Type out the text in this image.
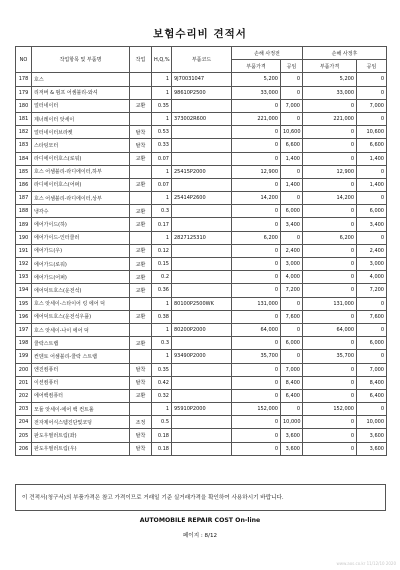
보험수리비 견적서
NO	작업항목 및 부품명	작업	H,Q,%	부품코드	손해 사정전		손해 사정후	
					부품가격	공임	부품가격	공임
178	호스		1	9J70031047	5,200	0	5,200	0
179	리저버 & 펌프 어셈블리-와셔		1	98610P2500	33,000	0	33,000	0
180	얼터네이터	교환	0.35		0	7,000	0	7,000
181	제너레이터 앗세이		1	373002R600	221,000	0	221,000	0
182	얼터네이터브라켓	탈착	0.53		0	10,600	0	10,600
183	스타팅모터	탈착	0.33		0	6,600	0	6,600
184	라디에이터호스(로워)	교환	0.07		0	1,400	0	1,400
185	호스 어셈블리-라디에이터,하부		1	25415P2000	12,900	0	12,900	0
186	라디에이터호스(어퍼)	교환	0.07		0	1,400	0	1,400
187	호스 어셈블리-라디에이터,상부		1	25414P2600	14,200	0	14,200	0
188	냉각수	교환	0.3		0	6,000	0	6,000
189	에어가이드(하)	교환	0.17		0	3,400	0	3,400
190	에어가이드-인터쿨러		1	2827125310	6,200	0	6,200	0
191	에어가드(우)	교환	0.12		0	2,400	0	2,400
192	에어가드(로워)	교환	0.15		0	3,000	0	3,000
193	에어가드(어퍼)	교환	0.2		0	4,000	0	4,000
194	에어덕트호스(운전석)	교환	0.36		0	7,200	0	7,200
195	호스 앗세이-스타이어 링 에어 덕		1	80100P2500WK	131,000	0	131,000	0
196	에어덕트호스(운전석우플)	교환	0.38		0	7,600	0	7,600
197	호스 앗세이-나이 에어 덕		1	80200P2000	64,000	0	64,000	0
198	쿨락스트랩	교환	0.3		0	6,000	0	6,000
199	컨덴토 어셈블리-쿨락 스트랩		1	93490P2000	35,700	0	35,700	0
200	엔진컴퓨터	탈착	0.35		0	7,000	0	7,000
201	이션컴퓨터	탈착	0.42		0	8,400	0	8,400
202	에어백컴퓨터	교환	0.32		0	6,400	0	6,400
203	모듈 앗세이-에어 백 컨트롤		1	95910P2000	152,000	0	152,000	0
204	전자제어식스템진단및코딩	조정	0.5		0	10,000	0	10,000
205	판도우필러트림(좌)	탈착	0.18		0	3,600	0	3,600
206	판도우필러트림(우)	탈착	0.18		0	3,600	0	3,600
이 견적서(청구서)의 부품가격은 참고 가격이므로 거래일 기준 실거래가격을 확인하여 사용하시기 바랍니다.
AUTOMOBILE REPAIR COST On-line
페이지 : 8/12
www.aos.co.kr 11/12/10 2020
